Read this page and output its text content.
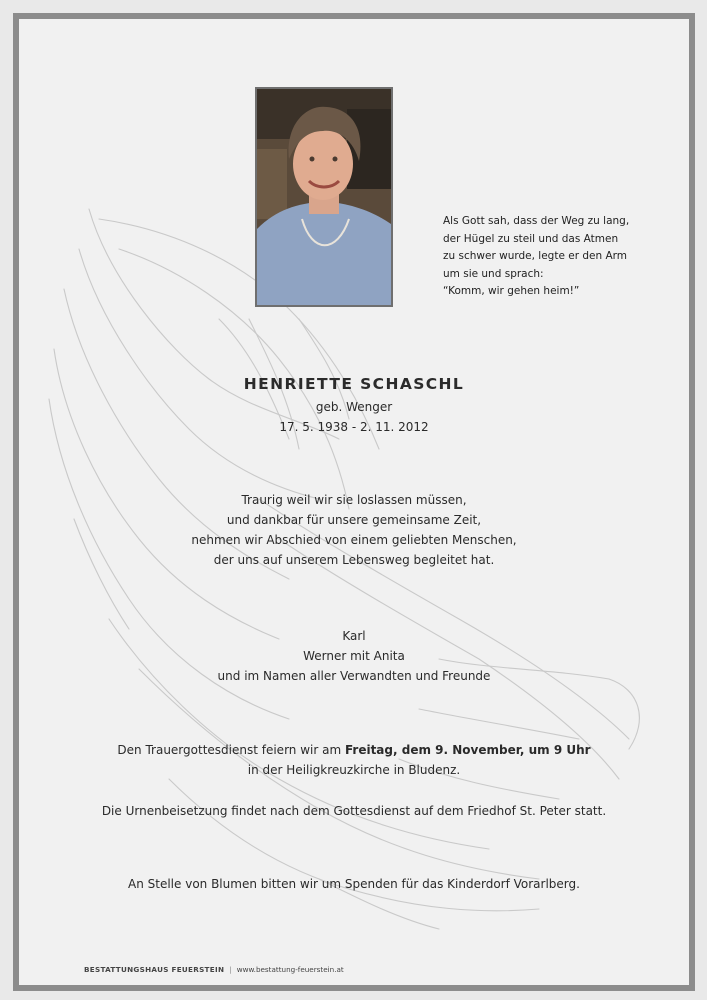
Als Gott sah, dass der Weg zu lang,
der Hügel zu steil und das Atmen
zu schwer wurde, legte er den Arm
um sie und sprach:
“Komm, wir gehen heim!”
HENRIETTE SCHASCHL
geb. Wenger
17. 5. 1938 - 2. 11. 2012
Traurig weil wir sie loslassen müssen,
und dankbar für unsere gemeinsame Zeit,
nehmen wir Abschied von einem geliebten Menschen,
der uns auf unserem Lebensweg begleitet hat.
Karl
Werner mit Anita
und im Namen aller Verwandten und Freunde
Den Trauergottesdienst feiern wir am Freitag, dem 9. November, um 9 Uhr
in der Heiligkreuzkirche in Bludenz.
Die Urnenbeisetzung findet nach dem Gottesdienst auf dem Friedhof St. Peter statt.
An Stelle von Blumen bitten wir um Spenden für das Kinderdorf Vorarlberg.
BESTATTUNGSHAUS FEUERSTEIN | www.bestattung-feuerstein.at
